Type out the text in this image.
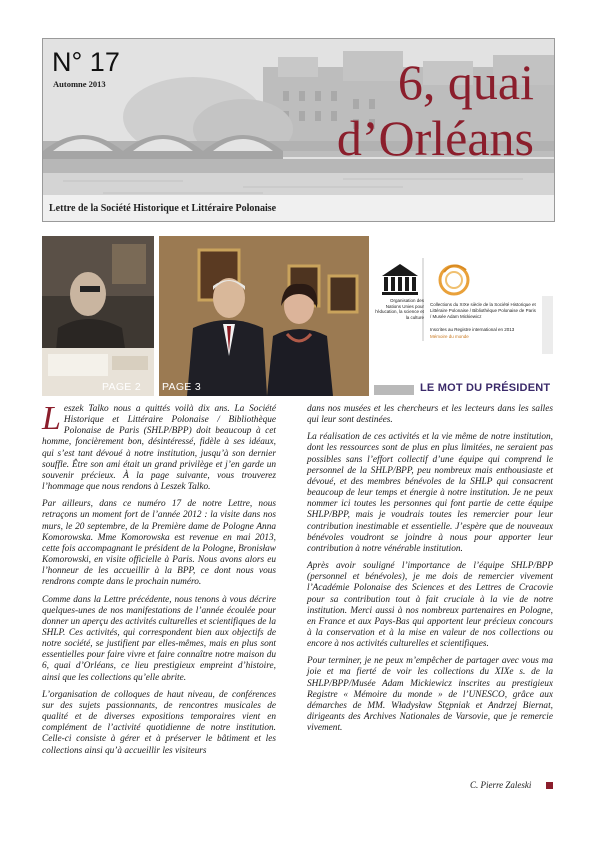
N° 17
Automne 2013	6, quai
d’Orléans
Lettre de la Société Historique et Littéraire Polonaise
PAGE 2 PAGE 3
Organisation des Nations Unies pour l’éducation, la science et la culture
Collections du XIXe siècle de la Société Historique et Littéraire Polonaise / Bibliothèque Polonaise de Paris / Musée Adam Mickiewicz
Inscrites au Registre international en 2013
Mémoire du monde
LE MOT DU PRÉSIDENT

Leszek Talko nous a quittés voilà dix ans. La Société Historique et Littéraire Polonaise / Bibliothèque Polonaise de Paris (SHLP/BPP) doit beaucoup à cet homme, foncièrement bon, désintéressé, fidèle à ses idéaux, qui s’est tant dévoué à notre institution, jusqu’à son dernier souffle. Être son ami était un grand privilège et j’en garde un souvenir précieux. À la page suivante, vous trouverez l’hommage que nous rendons à Leszek Talko.

Par ailleurs, dans ce numéro 17 de notre Lettre, nous retraçons un moment fort de l’année 2012 : la visite dans nos murs, le 20 septembre, de la Première dame de Pologne Anna Komorowska. Mme Komorowska est revenue en mai 2013, cette fois accompagnant le président de la Pologne, Bronisław Komorowski, en visite officielle à Paris. Nous avons alors eu l’honneur de les accueillir à la BPP, ce dont nous vous rendrons compte dans le prochain numéro.

Comme dans la Lettre précédente, nous tenons à vous décrire quelques-unes de nos manifestations de l’année écoulée pour donner un aperçu des activités culturelles et scientifiques de la SHLP. Ces activités, qui correspondent bien aux objectifs de notre société, se justifient par elles-mêmes, mais en plus sont essentielles pour faire vivre et faire connaître notre maison du 6, quai d’Orléans, ce lieu prestigieux empreint d’histoire, ainsi que les collections qu’elle abrite.

L’organisation de colloques de haut niveau, de conférences sur des sujets passionnants, de rencontres musicales de qualité et de diverses expositions temporaires vient en complément de l’activité quotidienne de notre institution. Celle-ci consiste à gérer et à préserver le bâtiment et les collections ainsi qu’à accueillir les visiteurs

dans nos musées et les chercheurs et les lecteurs dans les salles qui leur sont destinées.

La réalisation de ces activités et la vie même de notre institution, dont les ressources sont de plus en plus limitées, ne seraient pas possibles sans l’effort collectif d’une équipe qui comprend le personnel de la SHLP/BPP, peu nombreux mais enthousiaste et dévoué, et des membres bénévoles de la SHLP qui consacrent beaucoup de leur temps et énergie à notre institution. Je ne peux nommer ici toutes les personnes qui font partie de cette équipe SHLP/BPP, mais je voudrais toutes les remercier pour leur contribution inestimable et essentielle. J’espère que de nouveaux bénévoles voudront se joindre à nous pour apporter leur contribution à notre vénérable institution.

Après avoir souligné l’importance de l’équipe SHLP/BPP (personnel et bénévoles), je me dois de remercier vivement l’Académie Polonaise des Sciences et des Lettres de Cracovie pour sa contribution tout à fait cruciale à la vie de notre institution. Merci aussi à nos nombreux partenaires en Pologne, en France et aux Pays-Bas qui apportent leur précieux concours à la conservation et à la mise en valeur de nos collections ou encore à nos activités culturelles et scientifiques.

Pour terminer, je ne peux m’empêcher de partager avec vous ma joie et ma fierté de voir les collections du XIXe s. de la SHLP/BPP/Musée Adam Mickiewicz inscrites au prestigieux Registre « Mémoire du monde » de l’UNESCO, grâce aux démarches de MM. Władysław Stępniak et Andrzej Biernat, dirigeants des Archives Nationales de Varsovie, que je remercie vivement.

C. Pierre Zaleski
